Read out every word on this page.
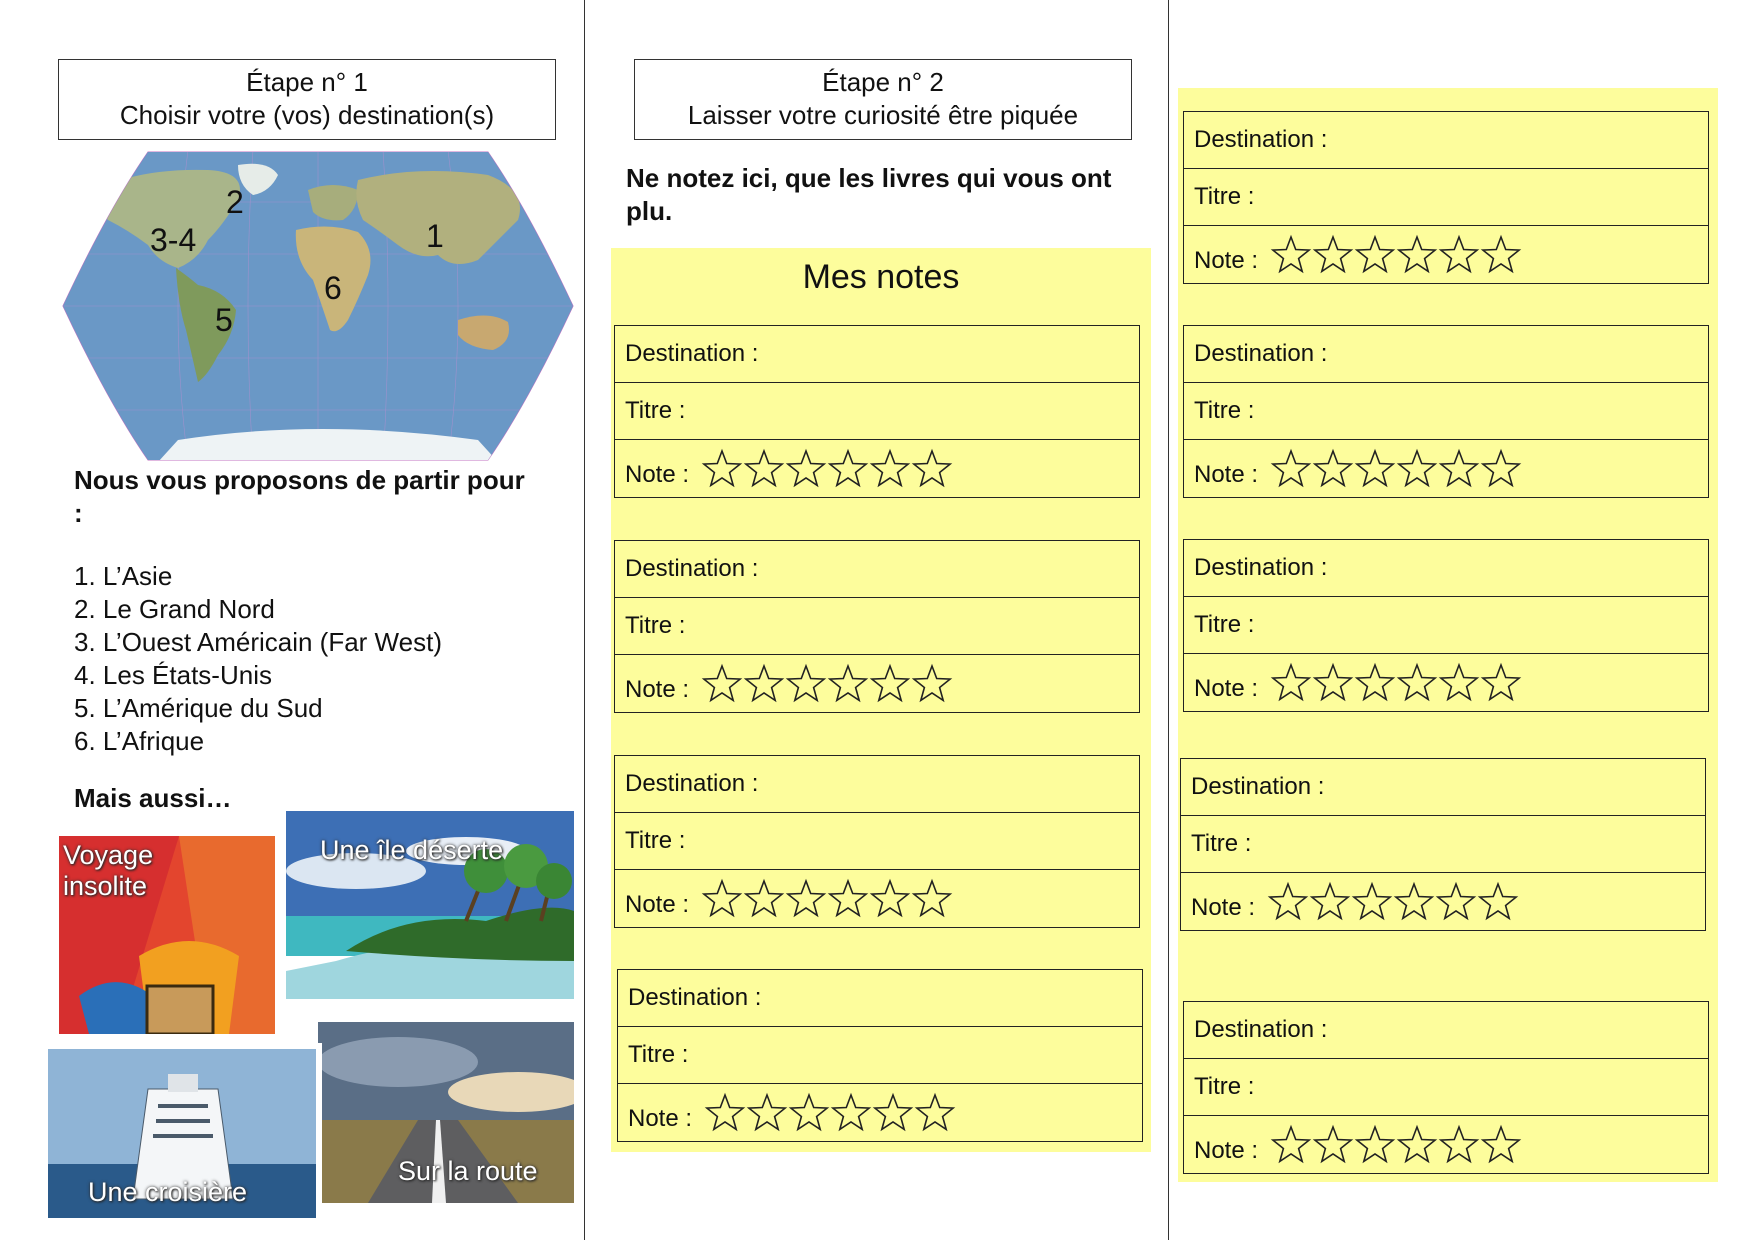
Étape n° 1
Choisir votre (vos) destination(s)
2
3-4	1
6
5
Nous vous proposons de partir pour :
1. L’Asie
2. Le Grand Nord
3. L’Ouest Américain (Far West)
4. Les États-Unis
5. L’Amérique du Sud
6. L’Afrique
Mais aussi…
Une île déserte
Voyage insolite
Sur la route
Une croisière
Étape n° 2
Laisser votre curiosité être piquée
Ne notez ici, que les livres qui vous ont plu.
Mes notes
Destination :
Titre :
Note :
Destination :
Titre :
Note :
Destination :
Titre :
Note :
Destination :
Titre :
Note :
Destination :
Titre :
Note :
Destination :
Titre :
Note :
Destination :
Titre :
Note :
Destination :
Titre :
Note :
Destination :
Titre :
Note :
